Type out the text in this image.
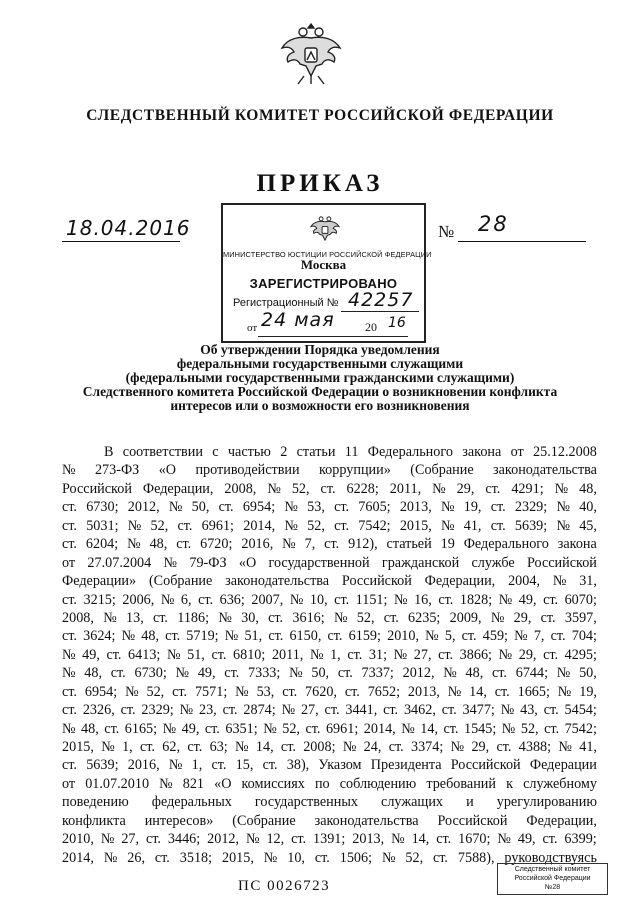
СЛЕДСТВЕННЫЙ КОМИТЕТ РОССИЙСКОЙ ФЕДЕРАЦИИ
ПРИКАЗ
18.04.2016	№ 28
МИНИСТЕРСТВО ЮСТИЦИИ РОССИЙСКОЙ ФЕДЕРАЦИИ
Москва
ЗАРЕГИСТРИРОВАНО
Регистрационный № 42257
от 24 мая	20 16
Об утверждении Порядка уведомления
федеральными государственными служащими
(федеральными государственными гражданскими служащими)
Следственного комитета Российской Федерации о возникновении конфликта
интересов или о возможности его возникновения
В соответствии с частью 2 статьи 11 Федерального закона от 25.12.2008
№ 273-ФЗ «О противодействии коррупции» (Собрание законодательства
Российской Федерации, 2008, № 52, ст. 6228; 2011, № 29, ст. 4291; № 48,
ст. 6730; 2012, № 50, ст. 6954; № 53, ст. 7605; 2013, № 19, ст. 2329; № 40,
ст. 5031; № 52, ст. 6961; 2014, № 52, ст. 7542; 2015, № 41, ст. 5639; № 45,
ст. 6204; № 48, ст. 6720; 2016, № 7, ст. 912), статьей 19 Федерального закона
от 27.07.2004 № 79-ФЗ «О государственной гражданской службе Российской
Федерации» (Собрание законодательства Российской Федерации, 2004, № 31,
ст. 3215; 2006, № 6, ст. 636; 2007, № 10, ст. 1151; № 16, ст. 1828; № 49, ст. 6070;
2008, № 13, ст. 1186; № 30, ст. 3616; № 52, ст. 6235; 2009, № 29, ст. 3597,
ст. 3624; № 48, ст. 5719; № 51, ст. 6150, ст. 6159; 2010, № 5, ст. 459; № 7, ст. 704;
№ 49, ст. 6413; № 51, ст. 6810; 2011, № 1, ст. 31; № 27, ст. 3866; № 29, ст. 4295;
№ 48, ст. 6730; № 49, ст. 7333; № 50, ст. 7337; 2012, № 48, ст. 6744; № 50,
ст. 6954; № 52, ст. 7571; № 53, ст. 7620, ст. 7652; 2013, № 14, ст. 1665; № 19,
ст. 2326, ст. 2329; № 23, ст. 2874; № 27, ст. 3441, ст. 3462, ст. 3477; № 43, ст. 5454;
№ 48, ст. 6165; № 49, ст. 6351; № 52, ст. 6961; 2014, № 14, ст. 1545; № 52, ст. 7542;
2015, № 1, ст. 62, ст. 63; № 14, ст. 2008; № 24, ст. 3374; № 29, ст. 4388; № 41,
ст. 5639; 2016, № 1, ст. 15, ст. 38), Указом Президента Российской Федерации
от 01.07.2010 № 821 «О комиссиях по соблюдению требований к служебному
поведению федеральных государственных служащих и урегулированию
конфликта интересов» (Собрание законодательства Российской Федерации,
2010, № 27, ст. 3446; 2012, № 12, ст. 1391; 2013, № 14, ст. 1670; № 49, ст. 6399;
2014, № 26, ст. 3518; 2015, № 10, ст. 1506; № 52, ст. 7588), руководствуясь
Следственный комитет
Российской Федерации
№28
ПС 0026723
